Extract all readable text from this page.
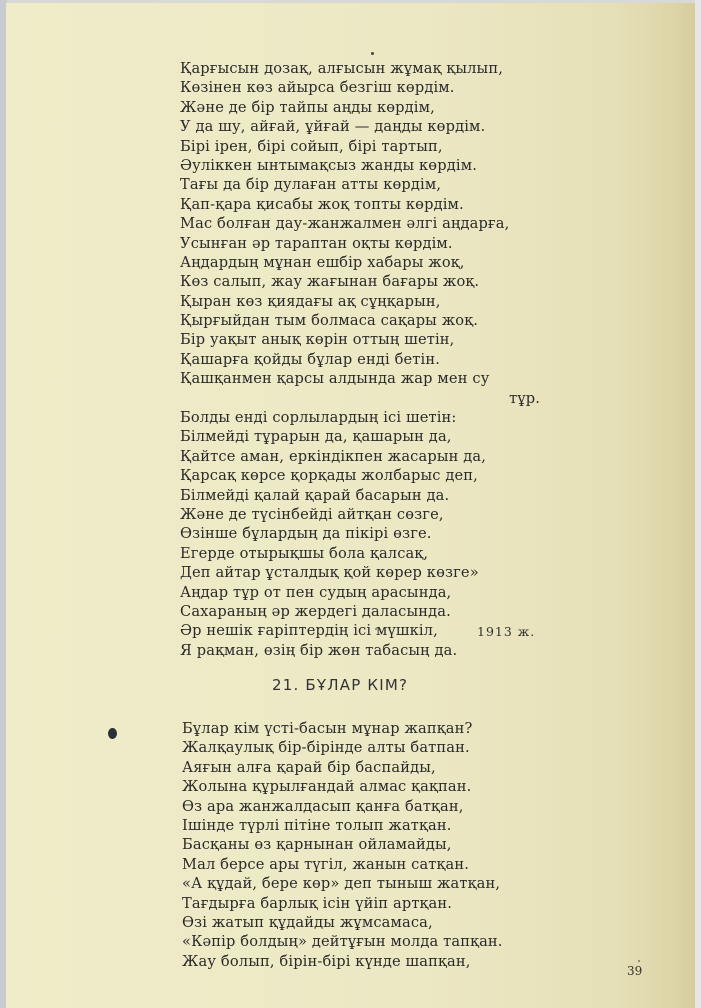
Қарғысын дозақ, алғысын жұмақ қылып,
Көзінен көз айырса безгіш көрдім.
Және де бір тайпы аңды көрдім,
У да шу, айғай, ұйғай — даңды көрдім.
Бірі ірен, бірі сойып, бірі тартып,
Әуліккен ынтымақсыз жанды көрдім.
Тағы да бір дулаған атты көрдім,
Қап-қара қисабы жоқ топты көрдім.
Мас болған дау-жанжалмен әлгі аңдарға,
Усынған әр тараптан оқты көрдім.
Аңдардың мұнан ешбір хабары жоқ,
Көз салып, жау жағынан бағары жоқ.
Қыран көз қиядағы ақ сұңқарын,
Қырғыйдан тым болмаса сақары жоқ.
Бір уақыт анық көрін оттың шетін,
Қашарға қойды бұлар енді бетін.
Қашқанмен қарсы алдында жар мен су
тұр.
Болды енді сорлылардың ісі шетін:
Білмейді тұрарын да, қашарын да,
Қайтсе аман, еркіндікпен жасарын да,
Қарсақ көрсе қорқады жолбарыс деп,
Білмейді қалай қарай басарын да.
Және де түсінбейді айтқан сөзге,
Өзінше бұлардың да пікірі өзге.
Егерде отырықшы бола қалсақ,
Деп айтар ұсталдық қой көрер көзге»
Аңдар тұр от пен судың арасында,
Сахараның әр жердегі даласында.
Әр нешік ғаріптердің ісі мүшкіл,
Я рақман, өзің бір жөн табасың да.
1913 ж.
21. БҰЛАР КІМ?
Бұлар кім үсті-басын мұнар жапқан?
Жалқаулық бір-бірінде алты батпан.
Аяғын алға қарай бір баспайды,
Жолына құрылғандай алмас қақпан.
Өз ара жанжалдасып қанға батқан,
Ішінде түрлі пітіне толып жатқан.
Басқаны өз қарнынан ойламайды,
Мал берсе ары түгіл, жанын сатқан.
«А құдай, бере көр» деп тыныш жатқан,
Тағдырға барлық ісін үйіп артқан.
Өзі жатып құдайды жұмсамаса,
«Кәпір болдың» дейтұғын молда тапқан.
Жау болып, бірін-бірі күнде шапқан,
39
